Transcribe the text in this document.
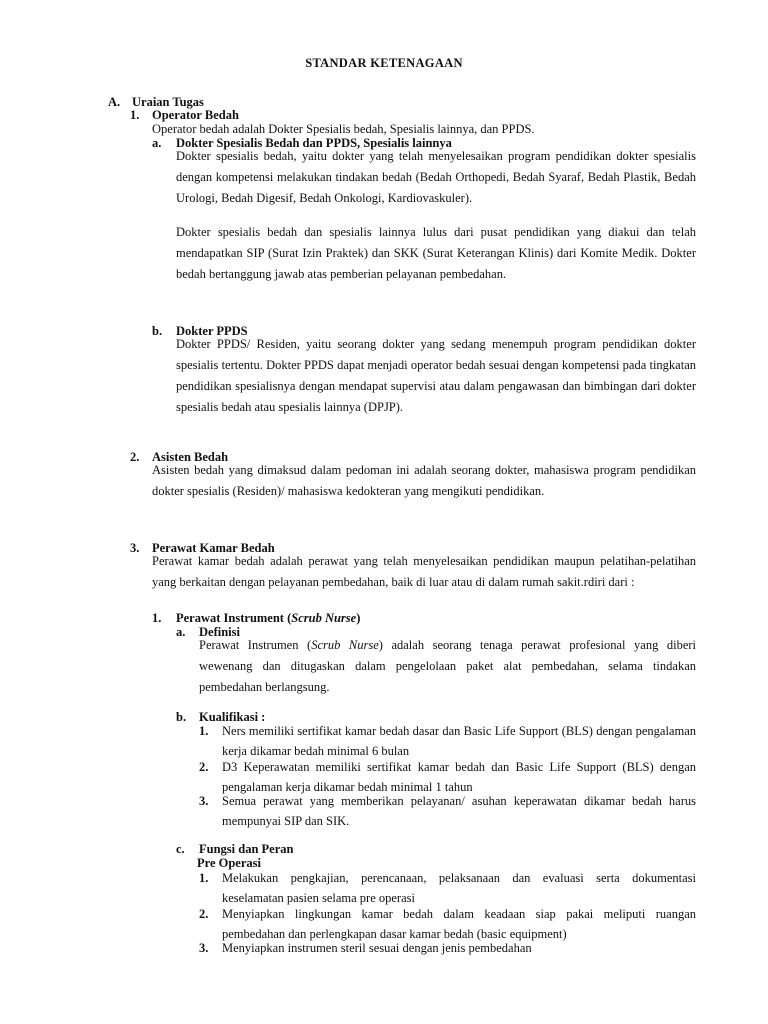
STANDAR KETENAGAAN
A. Uraian Tugas
1. Operator Bedah
Operator bedah adalah Dokter Spesialis bedah, Spesialis lainnya, dan PPDS.
a. Dokter Spesialis Bedah dan PPDS, Spesialis lainnya
Dokter spesialis bedah, yaitu dokter yang telah menyelesaikan program pendidikan dokter spesialis dengan kompetensi melakukan tindakan bedah (Bedah Orthopedi, Bedah Syaraf, Bedah Plastik, Bedah Urologi, Bedah Digesif, Bedah Onkologi, Kardiovaskuler).
Dokter spesialis bedah dan spesialis lainnya lulus dari pusat pendidikan yang diakui dan telah mendapatkan SIP (Surat Izin Praktek) dan SKK (Surat Keterangan Klinis) dari Komite Medik. Dokter bedah bertanggung jawab atas pemberian pelayanan pembedahan.
b. Dokter PPDS
Dokter PPDS/ Residen, yaitu seorang dokter yang sedang menempuh program pendidikan dokter spesialis tertentu. Dokter PPDS dapat menjadi operator bedah sesuai dengan kompetensi pada tingkatan pendidikan spesialisnya dengan mendapat supervisi atau dalam pengawasan dan bimbingan dari dokter spesialis bedah atau spesialis lainnya (DPJP).
2. Asisten Bedah
Asisten bedah yang dimaksud dalam pedoman ini adalah seorang dokter, mahasiswa program pendidikan dokter spesialis (Residen)/ mahasiswa kedokteran yang mengikuti pendidikan.
3. Perawat Kamar Bedah
Perawat kamar bedah adalah perawat yang telah menyelesaikan pendidikan maupun pelatihan-pelatihan yang berkaitan dengan pelayanan pembedahan, baik di luar atau di dalam rumah sakit.rdiri dari :
1. Perawat Instrument (Scrub Nurse)
a. Definisi
Perawat Instrumen (Scrub Nurse) adalah seorang tenaga perawat profesional yang diberi wewenang dan ditugaskan dalam pengelolaan paket alat pembedahan, selama tindakan pembedahan berlangsung.
b. Kualifikasi :
1. Ners memiliki sertifikat kamar bedah dasar dan Basic Life Support (BLS) dengan pengalaman kerja dikamar bedah minimal 6 bulan
2. D3 Keperawatan memiliki sertifikat kamar bedah dan Basic Life Support (BLS) dengan pengalaman kerja dikamar bedah minimal 1 tahun
3. Semua perawat yang memberikan pelayanan/ asuhan keperawatan dikamar bedah harus mempunyai SIP dan SIK.
c. Fungsi dan Peran
Pre Operasi
1. Melakukan pengkajian, perencanaan, pelaksanaan dan evaluasi serta dokumentasi keselamatan pasien selama pre operasi
2. Menyiapkan lingkungan kamar bedah dalam keadaan siap pakai meliputi ruangan pembedahan dan perlengkapan dasar kamar bedah (basic equipment)
3. Menyiapkan instrumen steril sesuai dengan jenis pembedahan
